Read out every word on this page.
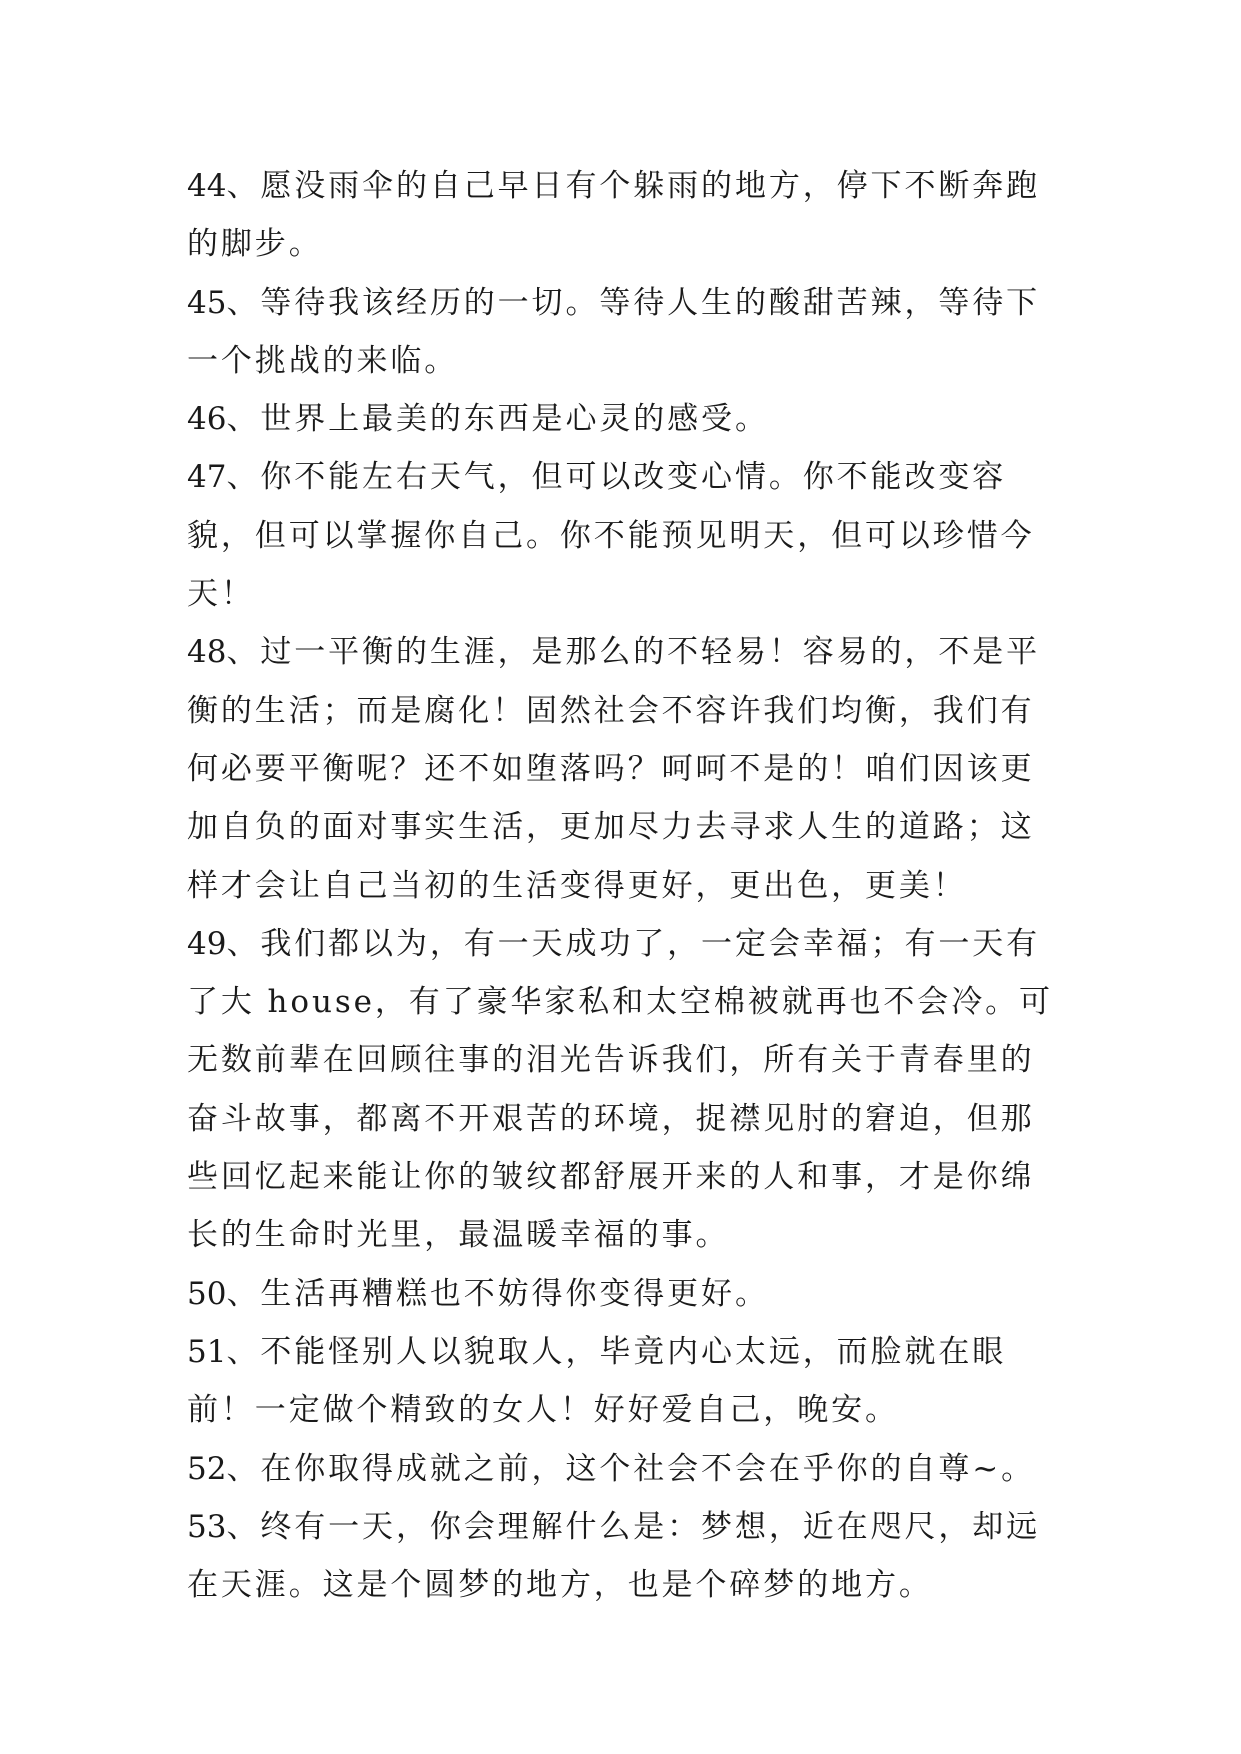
44、愿没雨伞的自己早日有个躲雨的地方，停下不断奔跑的脚步。

45、等待我该经历的一切。等待人生的酸甜苦辣，等待下一个挑战的来临。

46、世界上最美的东西是心灵的感受。

47、你不能左右天气，但可以改变心情。你不能改变容貌，但可以掌握你自己。你不能预见明天，但可以珍惜今天！

48、过一平衡的生涯，是那么的不轻易！容易的，不是平衡的生活；而是腐化！固然社会不容许我们均衡，我们有何必要平衡呢？还不如堕落吗？呵呵不是的！咱们因该更加自负的面对事实生活，更加尽力去寻求人生的道路；这样才会让自己当初的生活变得更好，更出色，更美！

49、我们都以为，有一天成功了，一定会幸福；有一天有了大 house，有了豪华家私和太空棉被就再也不会冷。可无数前辈在回顾往事的泪光告诉我们，所有关于青春里的奋斗故事，都离不开艰苦的环境，捉襟见肘的窘迫，但那些回忆起来能让你的皱纹都舒展开来的人和事，才是你绵长的生命时光里，最温暖幸福的事。

50、生活再糟糕也不妨得你变得更好。

51、不能怪别人以貌取人，毕竟内心太远，而脸就在眼前！一定做个精致的女人！好好爱自己，晚安。

52、在你取得成就之前，这个社会不会在乎你的自尊~。

53、终有一天，你会理解什么是：梦想，近在咫尺，却远在天涯。这是个圆梦的地方，也是个碎梦的地方。
